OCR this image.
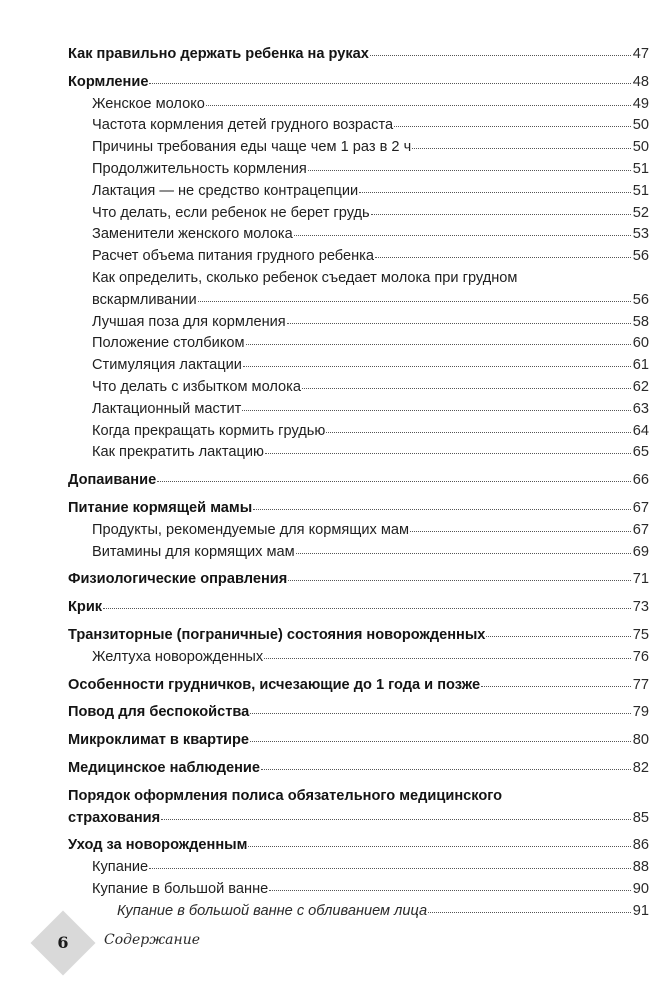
Как правильно держать ребенка на руках	47
Кормление	48
Женское молоко	49
Частота кормления детей грудного возраста	50
Причины требования еды чаще чем 1 раз в 2 ч	50
Продолжительность кормления	51
Лактация — не средство контрацепции	51
Что делать, если ребенок не берет грудь	52
Заменители женского молока	53
Расчет объема питания грудного ребенка	56
Как определить, сколько ребенок съедает молока при грудном
вскармливании	56
Лучшая поза для кормления	58
Положение столбиком	60
Стимуляция лактации	61
Что делать с избытком молока	62
Лактационный мастит	63
Когда прекращать кормить грудью	64
Как прекратить лактацию	65
Допаивание	66
Питание кормящей мамы	67
Продукты, рекомендуемые для кормящих мам	67
Витамины для кормящих мам	69
Физиологические оправления	71
Крик	73
Транзиторные (пограничные) состояния новорожденных	75
Желтуха новорожденных	76
Особенности грудничков, исчезающие до 1 года и позже	77
Повод для беспокойства	79
Микроклимат в квартире	80
Медицинское наблюдение	82
Порядок оформления полиса обязательного медицинского
страхования	85
Уход за новорожденным	86
Купание	88
Купание в большой ванне	90
Купание в большой ванне с обливанием лица	91
6	Содержание
